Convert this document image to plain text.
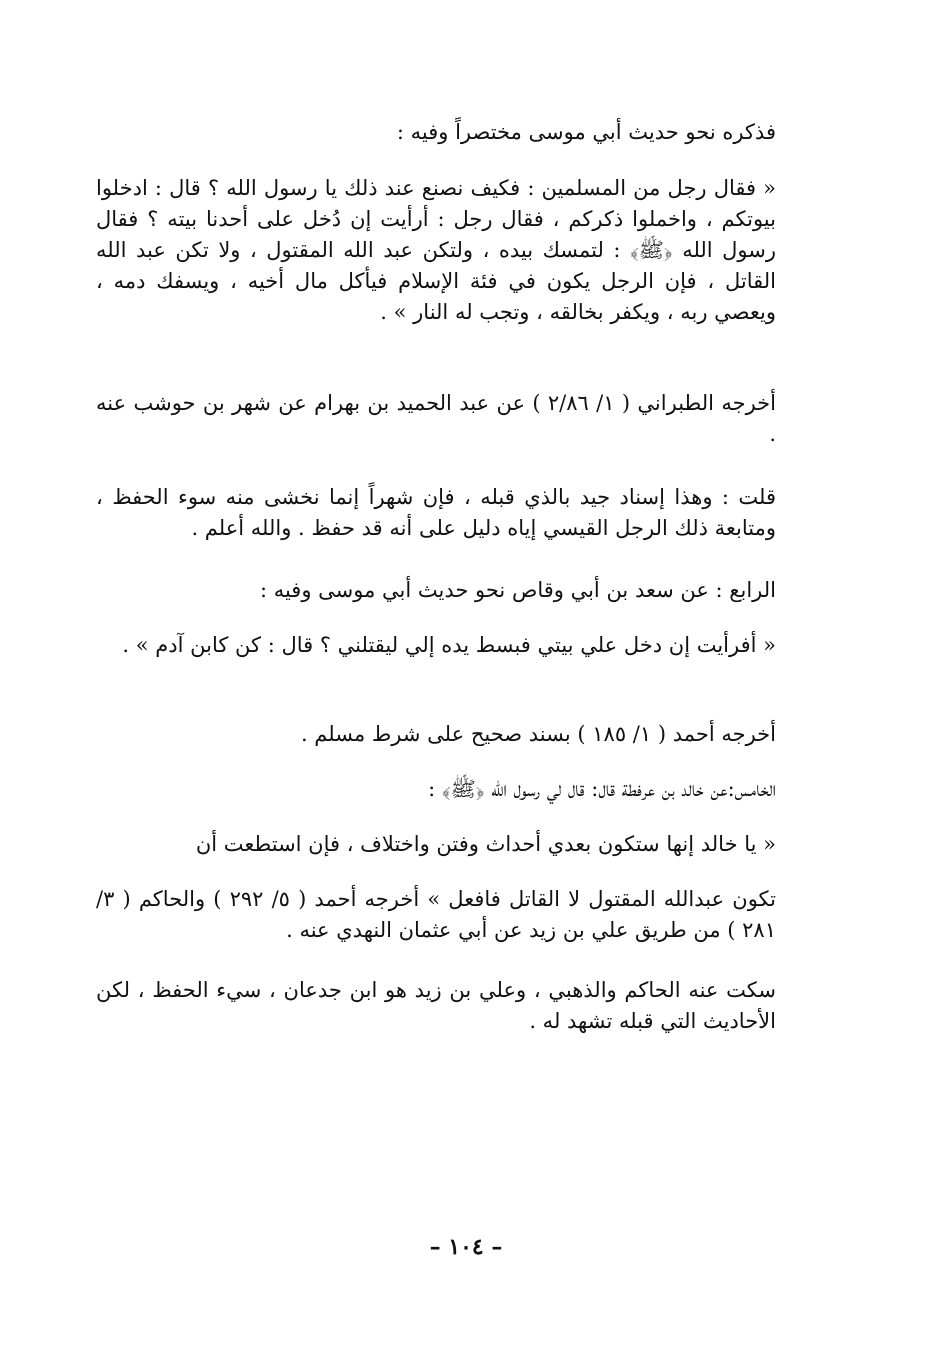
فذكره نحو حديث أبي موسى مختصراً وفيه :

« فقال رجل من المسلمين : فكيف نصنع عند ذلك يا رسول الله ؟ قال : ادخلوا بيوتكم ، واخملوا ذكركم ، فقال رجل : أرأيت إن دُخل على أحدنا بيته ؟ فقال رسول الله ﴿ﷺ﴾ : لتمسك بيده ، ولتكن عبد الله المقتول ، ولا تكن عبد الله القاتل ، فإن الرجل يكون في فئة الإسلام فيأكل مال أخيه ، ويسفك دمه ، ويعصي ربه ، ويكفر بخالقه ، وتجب له النار » .

أخرجه الطبراني ( ١/ ٢/٨٦ ) عن عبد الحميد بن بهرام عن شهر بن حوشب عنه .

قلت : وهذا إسناد جيد بالذي قبله ، فإن شهراً إنما نخشى منه سوء الحفظ ، ومتابعة ذلك الرجل القيسي إياه دليل على أنه قد حفظ . والله أعلم .

الرابع : عن سعد بن أبي وقاص نحو حديث أبي موسى وفيه :

« أفرأيت إن دخل علي بيتي فبسط يده إلي ليقتلني ؟ قال : كن كابن آدم » .

أخرجه أحمد ( ١/ ١٨٥ ) بسند صحيح على شرط مسلم .

الخامس:عن خالد بن عرفطة قال: قال لي رسول الله ﴿ﷺ﴾ :

« يا خالد إنها ستكون بعدي أحداث وفتن واختلاف ، فإن استطعت أن

تكون عبدالله المقتول لا القاتل فافعل » أخرجه أحمد ( ٥/ ٢٩٢ ) والحاكم ( ٣/ ٢٨١ ) من طريق علي بن زيد عن أبي عثمان النهدي عنه .

سكت عنه الحاكم والذهبي ، وعلي بن زيد هو ابن جدعان ، سيء الحفظ ، لكن الأحاديث التي قبله تشهد له .

– ١٠٤ –
